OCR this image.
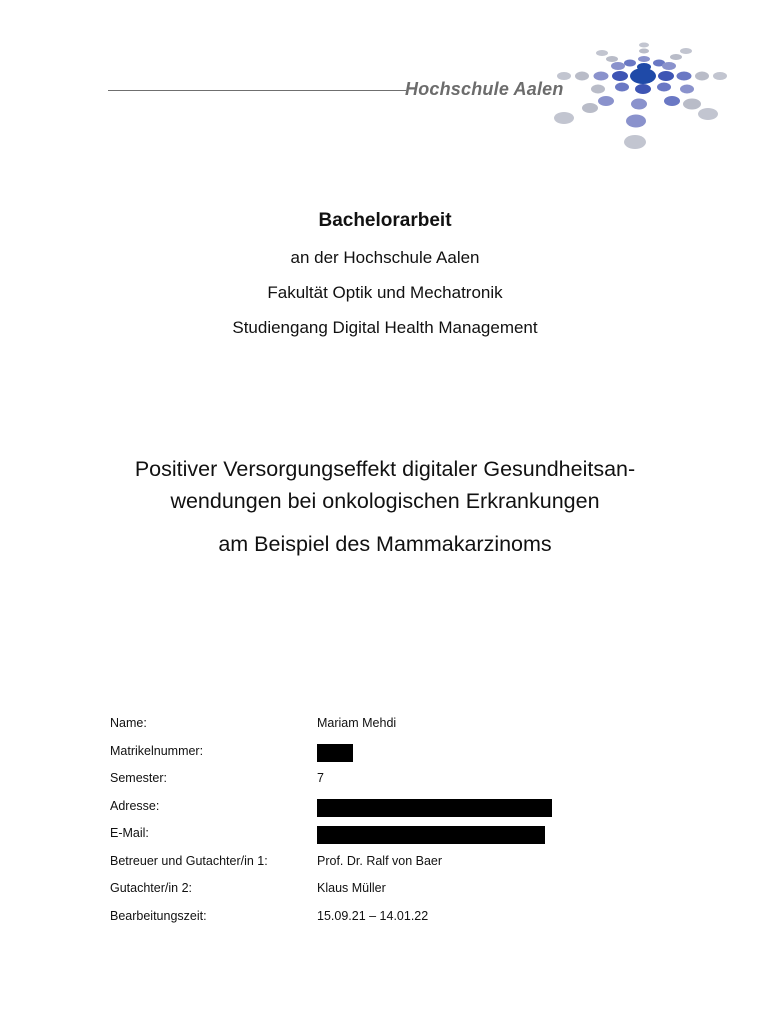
Hochschule Aalen
Bachelorarbeit
an der Hochschule Aalen
Fakultät Optik und Mechatronik
Studiengang Digital Health Management
Positiver Versorgungseffekt digitaler Gesundheitsan-
wendungen bei onkologischen Erkrankungen
am Beispiel des Mammakarzinoms
Name:	Mariam Mehdi
Matrikelnummer:
Semester:	7
Adresse:
E-Mail:
Betreuer und Gutachter/in 1:	Prof. Dr. Ralf von Baer
Gutachter/in 2:	Klaus Müller
Bearbeitungszeit:	15.09.21 – 14.01.22
